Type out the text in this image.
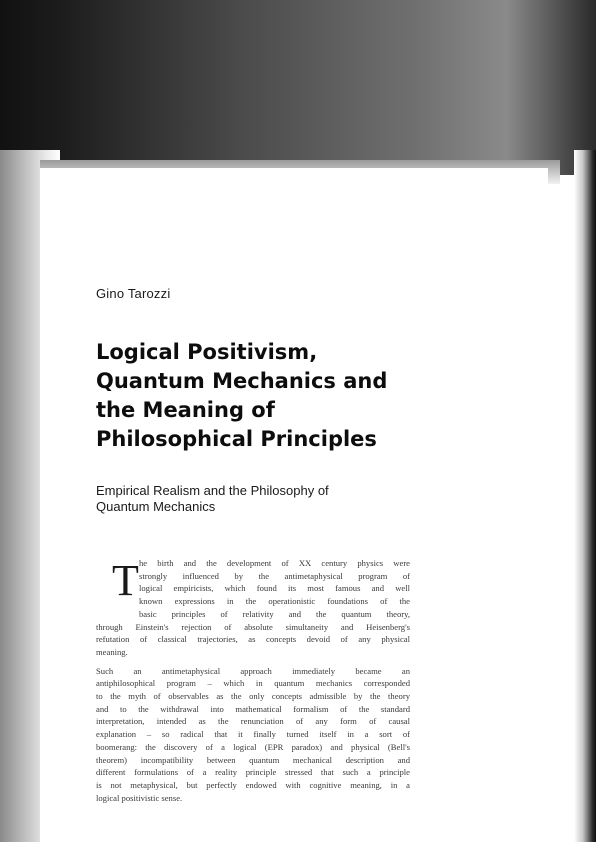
Gino Tarozzi
Logical Positivism,
Quantum Mechanics and
the Meaning of
Philosophical Principles
Empirical Realism and the Philosophy of
Quantum Mechanics
T he birth and the development of XX century physics were
strongly influenced by the antimetaphysical program of
logical empiricists, which found its most famous and well
known expressions in the operationistic foundations of the
basic principles of relativity and the quantum theory,
through Einstein's rejection of absolute simultaneity and Heisenberg's
refutation of classical trajectories, as concepts devoid of any physical
meaning.
Such an antimetaphysical approach immediately became an
antiphilosophical program – which in quantum mechanics corresponded
to the myth of observables as the only concepts admissible by the theory
and to the withdrawal into mathematical formalism of the standard
interpretation, intended as the renunciation of any form of causal
explanation – so radical that it finally turned itself in a sort of
boomerang: the discovery of a logical (EPR paradox) and physical (Bell's
theorem) incompatibility between quantum mechanical description and
different formulations of a reality principle stressed that such a principle
is not metaphysical, but perfectly endowed with cognitive meaning, in a
logical positivistic sense.
